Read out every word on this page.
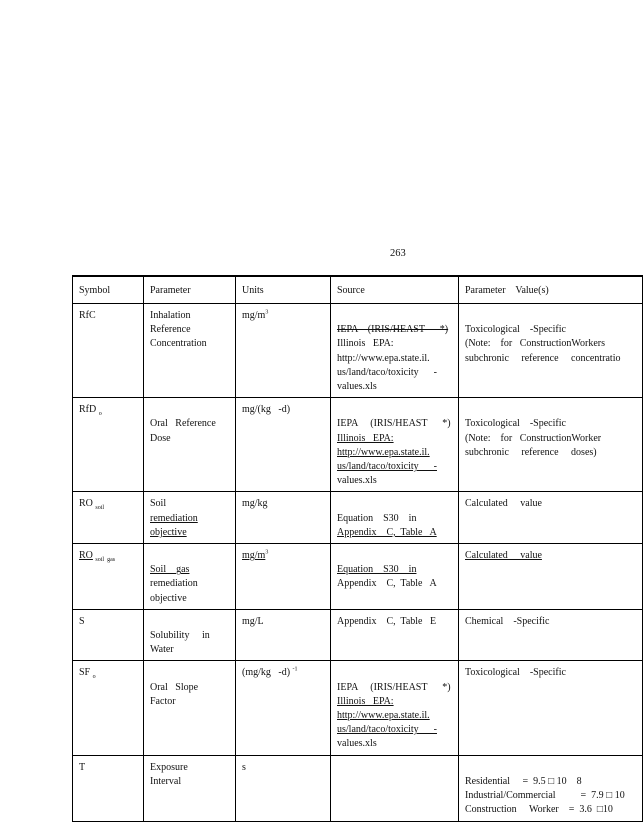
263
Symbol	Parameter	Units	Source	Parameter    Value(s)
RfC	Inhalation
Reference
Concentration	$mg/m^3$	IEPA    (IRIS/HEAST      *)
Illinois   EPA:
http://www.epa.state.il.
us/land/taco/toxicity      -
values.xls	Toxicological    -Specific
(Note:    for   ConstructionWorkers
subchronic     reference     concentratio

RfD $_o$	Oral   Reference
Dose	mg/(kg   -d)	IEPA     (IRIS/HEAST      *)
Illinois   EPA:
http://www.epa.state.il.
us/land/taco/toxicity      -
values.xls	Toxicological    -Specific
(Note:    for   ConstructionWorker
subchronic     reference     doses)

RO $_{soil}$	Soil
remediation
objective	mg/kg	Equation    S30    in
Appendix    C,  Table   A	Calculated     value

RO $_{soil gas}$	Soil    gas
remediation
objective	$mg/m^3$	Equation    S30    in
Appendix    C,  Table   A	Calculated     value

S	Solubility     in
Water	mg/L	Appendix    C,  Table   E	Chemical    -Specific

SF $_o$	Oral   Slope
Factor	(mg/kg   -d) $^{-1}$	IEPA     (IRIS/HEAST      *)
Illinois   EPA:
http://www.epa.state.il.
us/land/taco/toxicity      -
values.xls	Toxicological    -Specific

T	Exposure
Interval	s		Residential     =  9.5 □ 10    8
Industrial/Commercial          =  7.9 □ 10
Construction     Worker    =  3.6  □10
